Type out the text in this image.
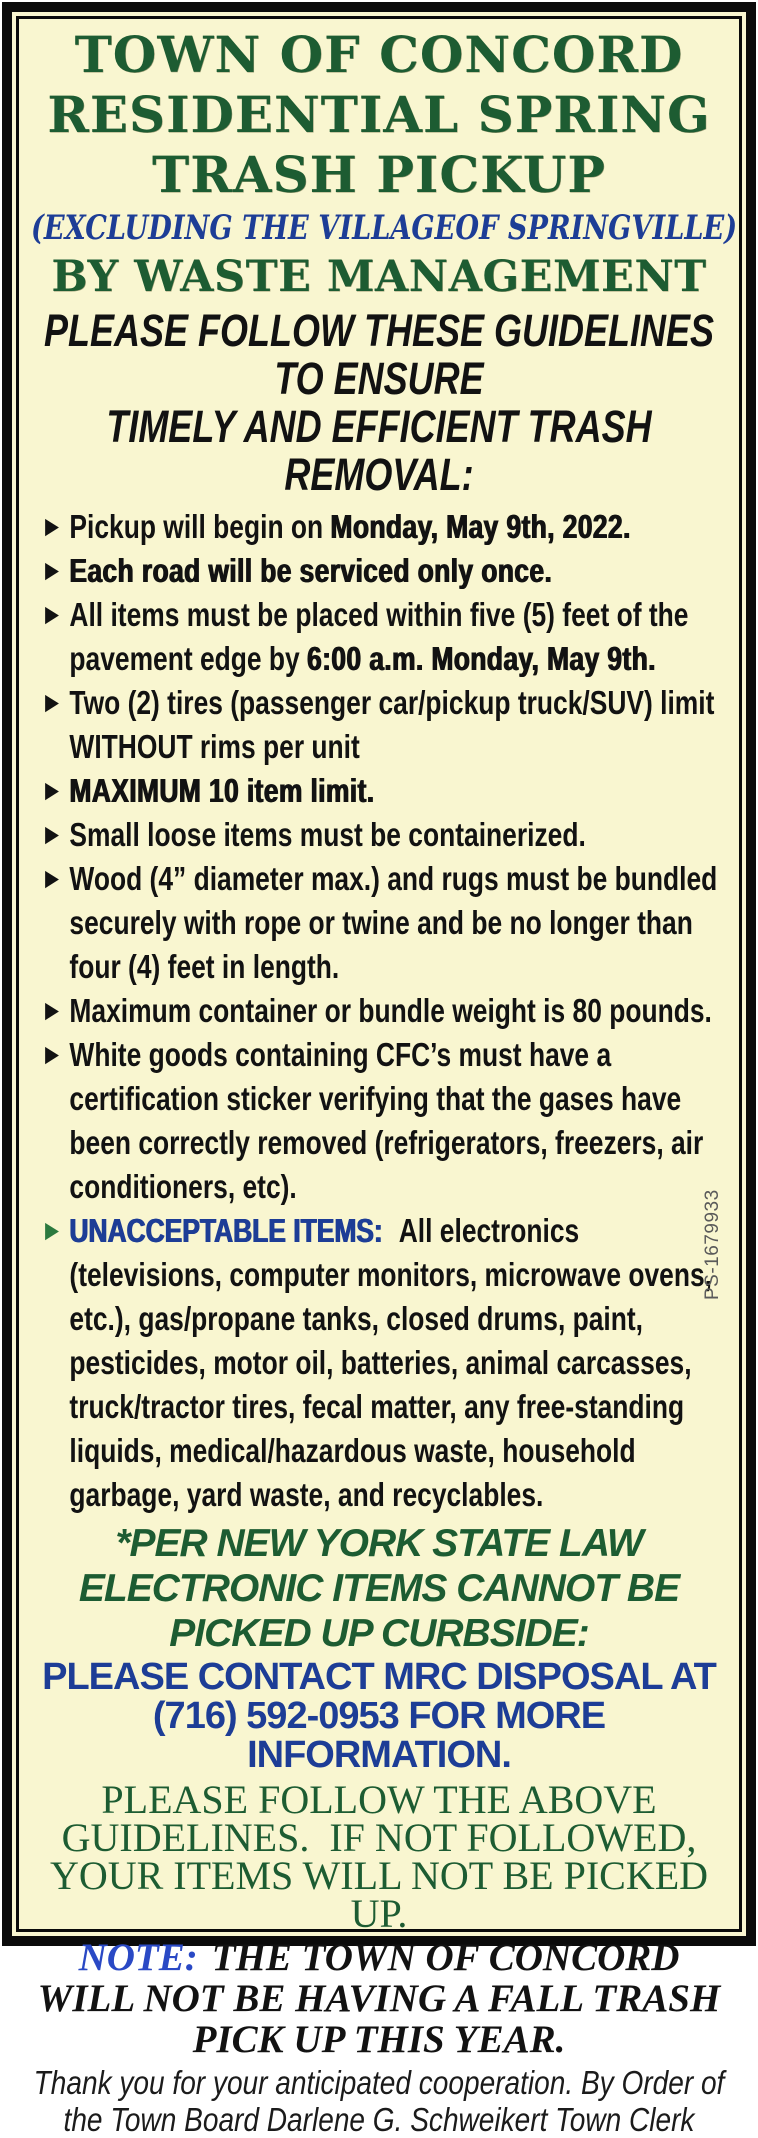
TOWN OF CONCORD
RESIDENTIAL SPRING
TRASH PICKUP
(EXCLUDING THE VILLAGEOF SPRINGVILLE)
BY WASTE MANAGEMENT
PLEASE FOLLOW THESE GUIDELINES TO ENSURE
TIMELY AND EFFICIENT TRASH REMOVAL:
▶ Pickup will begin on Monday, May 9th, 2022.
▶ Each road will be serviced only once.
▶ All items must be placed within five (5) feet of the pavement edge by 6:00 a.m. Monday, May 9th.
▶ Two (2) tires (passenger car/pickup truck/SUV) limit WITHOUT rims per unit
▶ MAXIMUM 10 item limit.
▶ Small loose items must be containerized.
▶ Wood (4” diameter max.) and rugs must be bundled securely with rope or twine and be no longer than four (4) feet in length.
▶ Maximum container or bundle weight is 80 pounds.
▶ White goods containing CFC’s must have a certification sticker verifying that the gases have been correctly removed (refrigerators, freezers, air conditioners, etc).
▶ UNACCEPTABLE ITEMS: All electronics (televisions, computer monitors, microwave ovens, etc.), gas/propane tanks, closed drums, paint, pesticides, motor oil, batteries, animal carcasses, truck/tractor tires, fecal matter, any free-standing liquids, medical/hazardous waste, household garbage, yard waste, and recyclables.
*PER NEW YORK STATE LAW ELECTRONIC ITEMS CANNOT BE PICKED UP CURBSIDE:
PLEASE CONTACT MRC DISPOSAL AT (716) 592-0953 FOR MORE INFORMATION.
PLEASE FOLLOW THE ABOVE GUIDELINES.  IF NOT FOLLOWED, YOUR ITEMS WILL NOT BE PICKED UP.
NOTE: THE TOWN OF CONCORD WILL NOT BE HAVING A FALL TRASH PICK UP THIS YEAR.
Thank you for your anticipated cooperation. By Order of the Town Board Darlene G. Schweikert Town Clerk
PS-1679933
